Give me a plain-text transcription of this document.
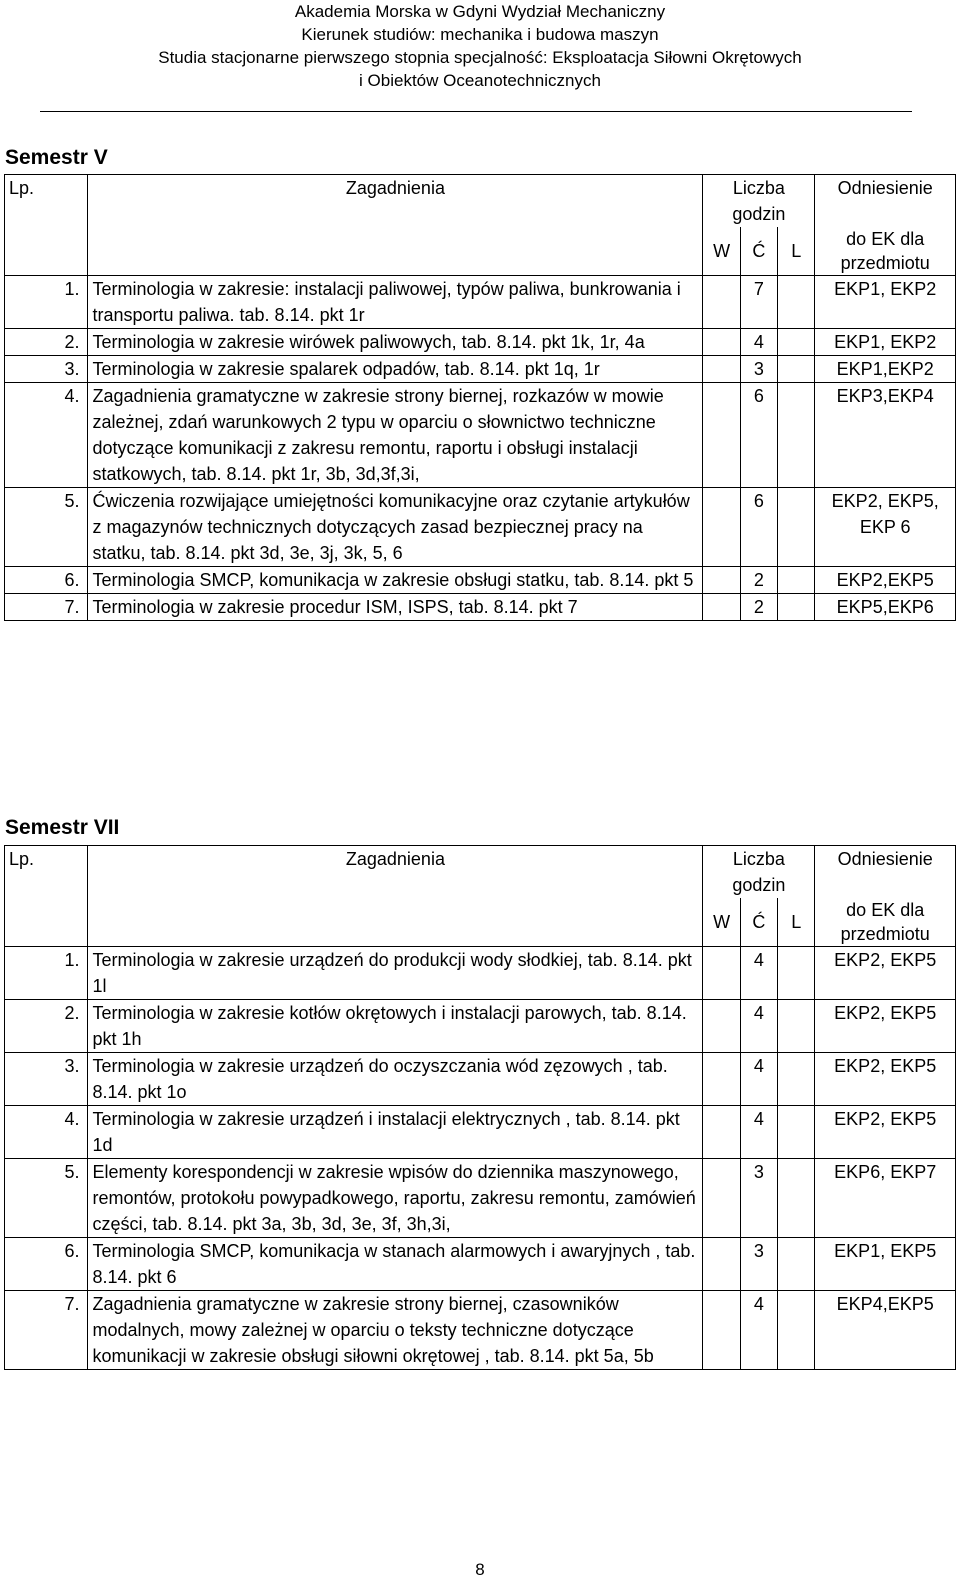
Akademia Morska w Gdyni Wydział Mechaniczny
Kierunek studiów: mechanika i budowa maszyn
Studia stacjonarne pierwszego stopnia specjalność: Eksploatacja Siłowni Okrętowych
i Obiektów Oceanotechnicznych
Semestr V
Lp.	Zagadnienia	Liczba godzin			Odniesienie
		W	Ć	L	do EK dla
przedmiotu
1.	Terminologia w zakresie: instalacji paliwowej, typów paliwa, bunkrowania i transportu paliwa. tab. 8.14. pkt 1r		7		EKP1, EKP2
2.	Terminologia w zakresie wirówek paliwowych, tab. 8.14. pkt 1k, 1r, 4a		4		EKP1, EKP2
3.	Terminologia w zakresie spalarek odpadów, tab. 8.14. pkt 1q, 1r		3		EKP1,EKP2
4.	Zagadnienia gramatyczne w zakresie strony biernej, rozkazów w mowie zależnej, zdań warunkowych 2 typu w oparciu o słownictwo techniczne dotyczące komunikacji z zakresu remontu, raportu i obsługi instalacji statkowych, tab. 8.14. pkt 1r, 3b, 3d,3f,3i,		6		EKP3,EKP4
5.	Ćwiczenia rozwijające umiejętności komunikacyjne oraz czytanie artykułów z magazynów technicznych dotyczących zasad bezpiecznej pracy na statku, tab. 8.14. pkt 3d, 3e, 3j, 3k, 5, 6		6		EKP2, EKP5, EKP 6
6.	Terminologia SMCP, komunikacja w zakresie obsługi statku, tab. 8.14. pkt 5		2		EKP2,EKP5
7.	Terminologia w zakresie procedur ISM, ISPS, tab. 8.14. pkt 7		2		EKP5,EKP6
Semestr VII
Lp.	Zagadnienia	Liczba godzin			Odniesienie
		W	Ć	L	do EK dla
przedmiotu
1.	Terminologia w zakresie urządzeń do produkcji wody słodkiej, tab. 8.14. pkt 1l		4		EKP2, EKP5
2.	Terminologia w zakresie kotłów okrętowych i instalacji parowych, tab. 8.14. pkt 1h		4		EKP2, EKP5
3.	Terminologia w zakresie urządzeń do oczyszczania wód zęzowych , tab. 8.14. pkt 1o		4		EKP2, EKP5
4.	Terminologia w zakresie urządzeń i instalacji elektrycznych , tab. 8.14. pkt 1d		4		EKP2, EKP5
5.	Elementy korespondencji w zakresie wpisów do dziennika maszynowego, remontów, protokołu powypadkowego, raportu, zakresu remontu, zamówień części, tab. 8.14. pkt 3a, 3b, 3d, 3e, 3f, 3h,3i,		3		EKP6, EKP7
6.	Terminologia SMCP, komunikacja w stanach alarmowych i awaryjnych , tab. 8.14. pkt 6		3		EKP1, EKP5
7.	Zagadnienia gramatyczne w zakresie strony biernej, czasowników modalnych, mowy zależnej w oparciu o teksty techniczne dotyczące komunikacji w zakresie obsługi siłowni okrętowej , tab. 8.14. pkt 5a, 5b		4		EKP4,EKP5
8
